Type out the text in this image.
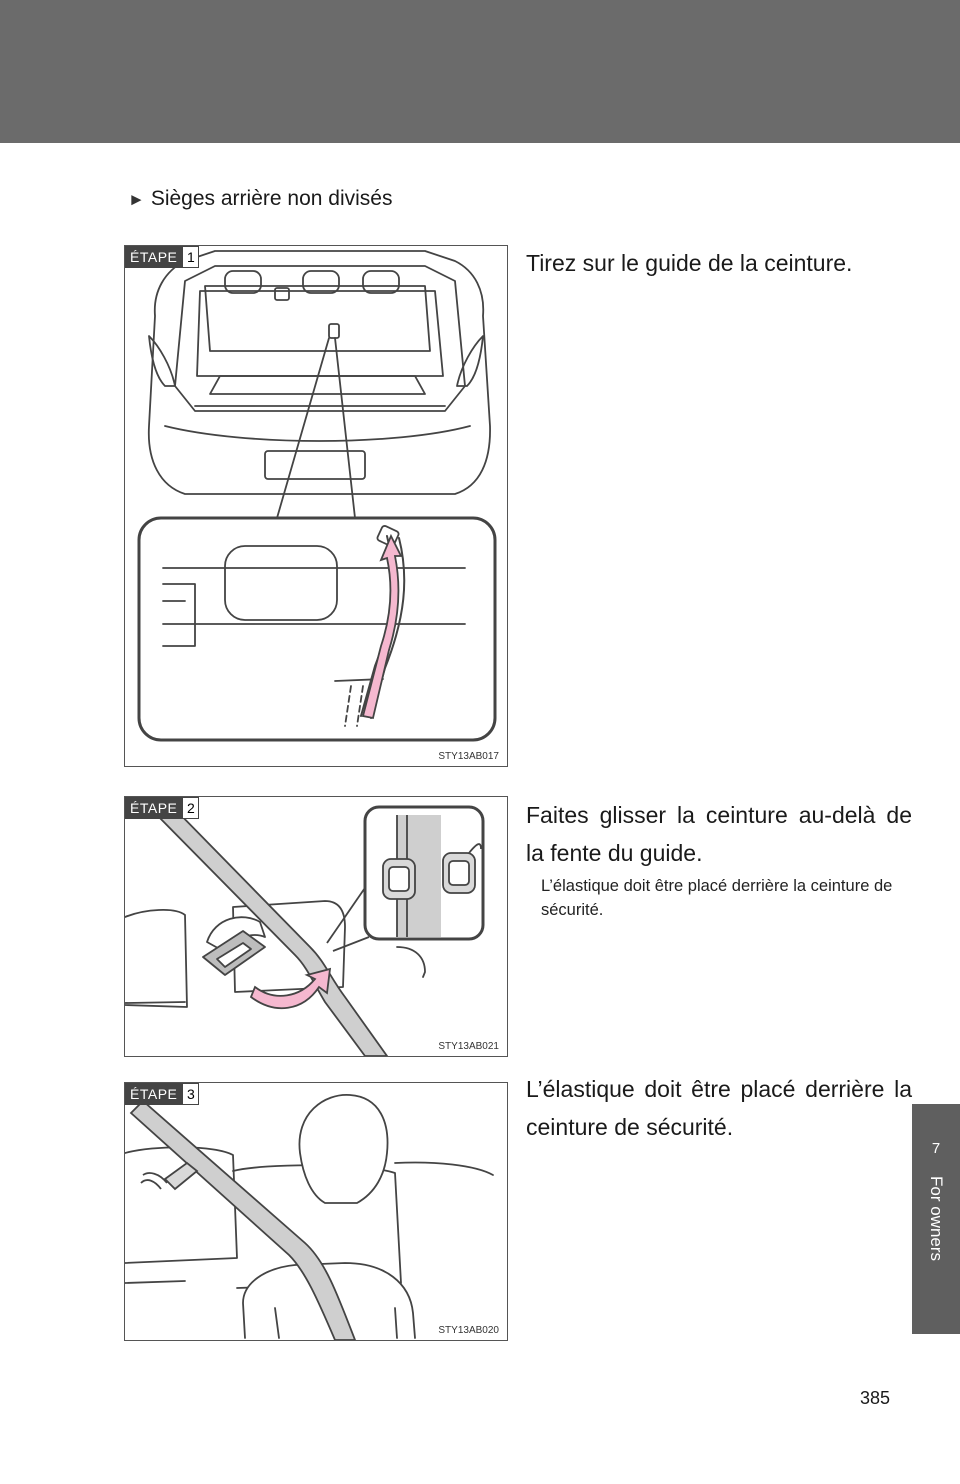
7
For owners
► Sièges arrière non divisés
ÉTAPE 1
STY13AB017
Tirez sur le guide de la ceinture.
ÉTAPE 2
STY13AB021
Faites glisser la ceinture au-delà de la fente du guide.
L’élastique doit être placé derrière la ceinture de sécurité.
ÉTAPE 3
STY13AB020
L’élastique doit être placé derrière la ceinture de sécurité.
385
